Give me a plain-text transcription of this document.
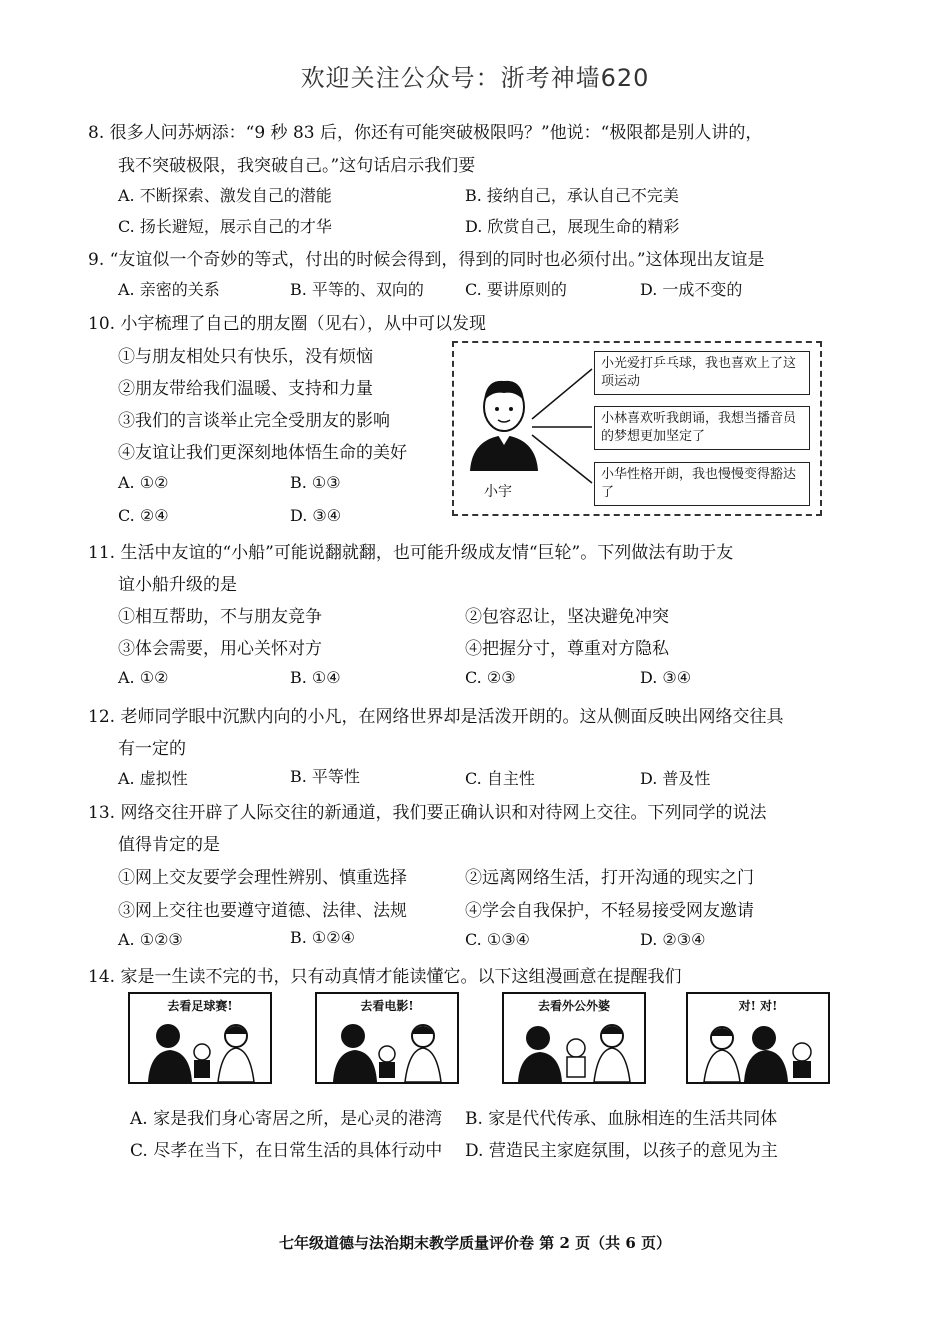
欢迎关注公众号：浙考神墙620
8. 很多人问苏炳添：“9 秒 83 后，你还有可能突破极限吗？”他说：“极限都是别人讲的，
我不突破极限，我突破自己。”这句话启示我们要
A. 不断探索、激发自己的潜能	B. 接纳自己，承认自己不完美
C. 扬长避短，展示自己的才华	D. 欣赏自己，展现生命的精彩
9. “友谊似一个奇妙的等式，付出的时候会得到，得到的同时也必须付出。”这体现出友谊是
A. 亲密的关系	B. 平等的、双向的	C. 要讲原则的	D. 一成不变的
10. 小宇梳理了自己的朋友圈（见右），从中可以发现
①与朋友相处只有快乐，没有烦恼
②朋友带给我们温暖、支持和力量
③我们的言谈举止完全受朋友的影响
④友谊让我们更深刻地体悟生命的美好
A. ①②	B. ①③
C. ②④	D. ③④
小宇
小光爱打乒乓球，我也喜欢上了这项运动
小林喜欢听我朗诵，我想当播音员的梦想更加坚定了
小华性格开朗，我也慢慢变得豁达了
11. 生活中友谊的“小船”可能说翻就翻，也可能升级成友情“巨轮”。下列做法有助于友
谊小船升级的是
①相互帮助，不与朋友竞争	②包容忍让，坚决避免冲突
③体会需要，用心关怀对方	④把握分寸，尊重对方隐私
A. ①②	B. ①④	C. ②③	D. ③④
12. 老师同学眼中沉默内向的小凡，在网络世界却是活泼开朗的。这从侧面反映出网络交往具
有一定的
A. 虚拟性	B. 平等性	C. 自主性	D. 普及性
13. 网络交往开辟了人际交往的新通道，我们要正确认识和对待网上交往。下列同学的说法
值得肯定的是
①网上交友要学会理性辨别、慎重选择	②远离网络生活，打开沟通的现实之门
③网上交往也要遵守道德、法律、法规	④学会自我保护，不轻易接受网友邀请
A. ①②③	B. ①②④	C. ①③④	D. ②③④
14. 家是一生读不完的书，只有动真情才能读懂它。以下这组漫画意在提醒我们
去看足球赛!	去看电影!	去看外公外婆	对! 对!
A. 家是我们身心寄居之所，是心灵的港湾 B. 家是代代传承、血脉相连的生活共同体
C. 尽孝在当下，在日常生活的具体行动中 D. 营造民主家庭氛围，以孩子的意见为主
七年级道德与法治期末教学质量评价卷 第 2 页（共 6 页）
